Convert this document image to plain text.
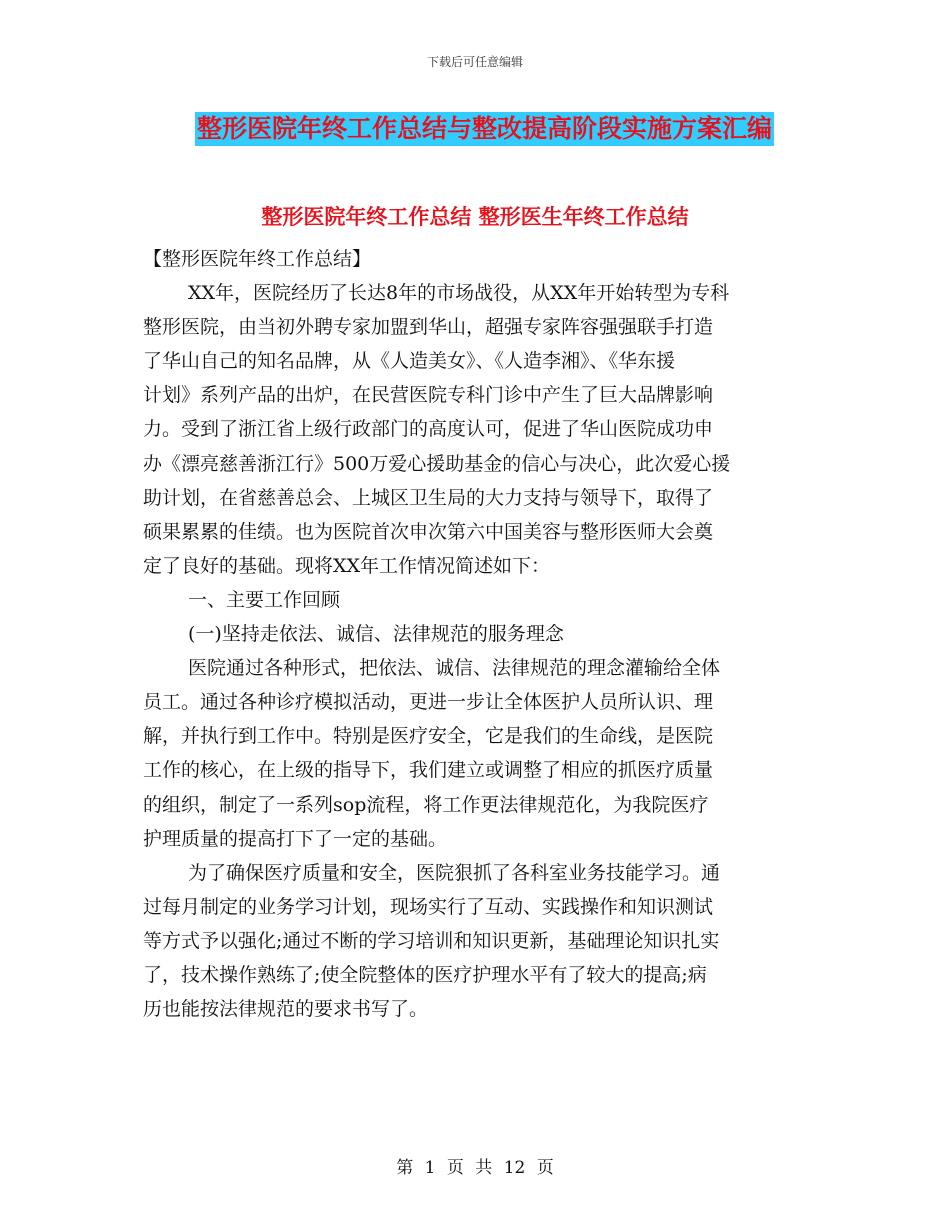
下载后可任意编辑
整形医院年终工作总结与整改提高阶段实施方案汇编
整形医院年终工作总结 整形医生年终工作总结

【整形医院年终工作总结】

XX年，医院经历了长达8年的市场战役，从XX年开始转型为专科

整形医院，由当初外聘专家加盟到华山，超强专家阵容强强联手打造

了华山自己的知名品牌，从《人造美女》、《人造李湘》、《华东援

计划》系列产品的出炉，在民营医院专科门诊中产生了巨大品牌影响

力。受到了浙江省上级行政部门的高度认可，促进了华山医院成功申

办《漂亮慈善浙江行》500万爱心援助基金的信心与决心，此次爱心援

助计划，在省慈善总会、上城区卫生局的大力支持与领导下，取得了

硕果累累的佳绩。也为医院首次申次第六中国美容与整形医师大会奠

定了良好的基础。现将XX年工作情况简述如下：

一、主要工作回顾

(一)坚持走依法、诚信、法律规范的服务理念

医院通过各种形式，把依法、诚信、法律规范的理念灌输给全体

员工。通过各种诊疗模拟活动，更进一步让全体医护人员所认识、理

解，并执行到工作中。特别是医疗安全，它是我们的生命线，是医院

工作的核心，在上级的指导下，我们建立或调整了相应的抓医疗质量

的组织，制定了一系列sop流程，将工作更法律规范化，为我院医疗

护理质量的提高打下了一定的基础。

为了确保医疗质量和安全，医院狠抓了各科室业务技能学习。通

过每月制定的业务学习计划，现场实行了互动、实践操作和知识测试

等方式予以强化;通过不断的学习培训和知识更新，基础理论知识扎实

了，技术操作熟练了;使全院整体的医疗护理水平有了较大的提高;病

历也能按法律规范的要求书写了。

第 1 页 共 12 页
